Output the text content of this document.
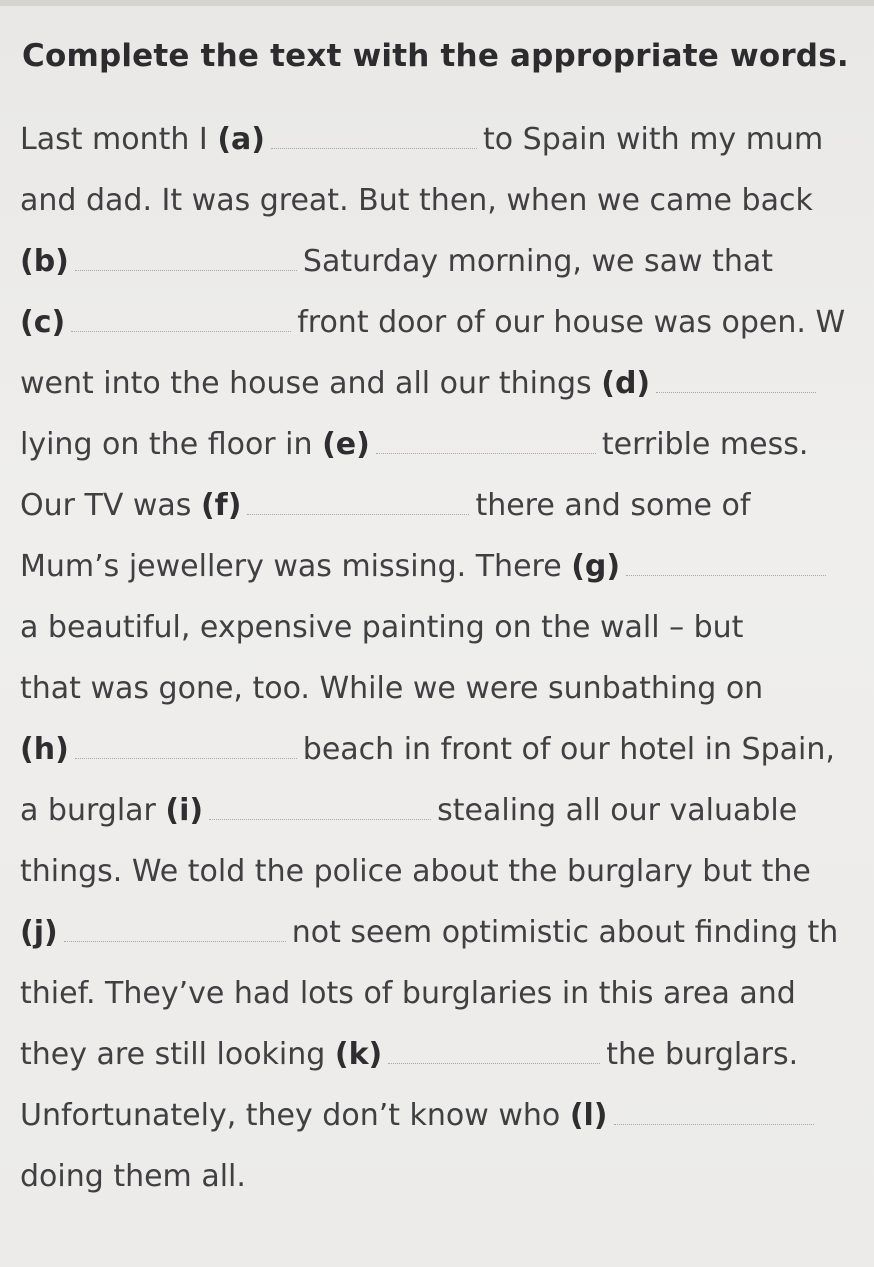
Complete the text with the appropriate words.
Last month I (a)	to Spain with my mum
and dad. It was great. But then, when we came back
(b)	Saturday morning, we saw that
(c)	front door of our house was open. W
went into the house and all our things (d)
lying on the floor in (e)	terrible mess.
Our TV was (f)	there and some of
Mum’s jewellery was missing. There (g)
a beautiful, expensive painting on the wall – but
that was gone, too. While we were sunbathing on
(h)	beach in front of our hotel in Spain,
a burglar (i)	stealing all our valuable
things. We told the police about the burglary but the
(j)	not seem optimistic about finding th
thief. They’ve had lots of burglaries in this area and
they are still looking (k)	the burglars.
Unfortunately, they don’t know who (l)
doing them all.
